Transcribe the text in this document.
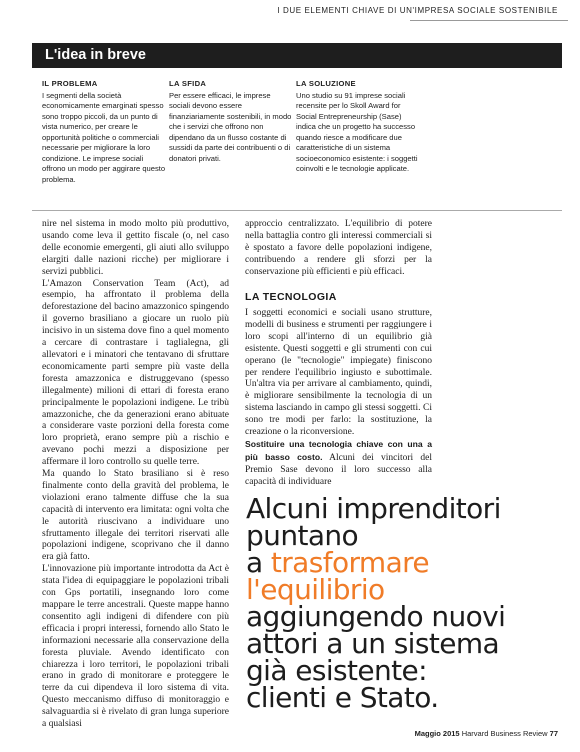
I DUE ELEMENTI CHIAVE DI UN'IMPRESA SOCIALE SOSTENIBILE
L'idea in breve
IL PROBLEMA

I segmenti della società economicamente emarginati spesso sono troppo piccoli, da un punto di vista numerico, per creare le opportunità politiche o commerciali necessarie per migliorare la loro condizione. Le imprese sociali offrono un modo per aggirare questo problema.

LA SFIDA

Per essere efficaci, le imprese sociali devono essere finanziariamente sostenibili, in modo che i servizi che offrono non dipendano da un flusso costante di sussidi da parte dei contribuenti o di donatori privati.

LA SOLUZIONE

Uno studio su 91 imprese sociali recensite per lo Skoll Award for Social Entrepreneurship (Sase) indica che un progetto ha successo quando riesce a modificare due caratteristiche di un sistema socioeconomico esistente: i soggetti coinvolti e le tecnologie applicate.

nire nel sistema in modo molto più produttivo, usando come leva il gettito fiscale (o, nel caso delle economie emergenti, gli aiuti allo sviluppo elargiti dalle nazioni ricche) per migliorare i servizi pubblici.

L'Amazon Conservation Team (Act), ad esempio, ha affrontato il problema della deforestazione del bacino amazzonico spingendo il governo brasiliano a giocare un ruolo più incisivo in un sistema dove fino a quel momento a cercare di contrastare i taglialegna, gli allevatori e i minatori che tentavano di sfruttare economicamente parti sempre più vaste della foresta amazzonica e distruggevano (spesso illegalmente) milioni di ettari di foresta erano principalmente le popolazioni indigene. Le tribù amazzoniche, che da generazioni erano abituate a considerare vaste porzioni della foresta come loro proprietà, erano sempre più a rischio e avevano pochi mezzi a disposizione per affermare il loro controllo su quelle terre.

Ma quando lo Stato brasiliano si è reso finalmente conto della gravità del problema, le violazioni erano talmente diffuse che la sua capacità di intervento era limitata: ogni volta che le autorità riuscivano a individuare uno sfruttamento illegale dei territori riservati alle popolazioni indigene, scoprivano che il danno era già fatto.

L'innovazione più importante introdotta da Act è stata l'idea di equipaggiare le popolazioni tribali con Gps portatili, insegnando loro come mappare le terre ancestrali. Queste mappe hanno consentito agli indigeni di difendere con più efficacia i propri interessi, fornendo allo Stato le informazioni necessarie alla conservazione della foresta pluviale. Avendo identificato con chiarezza i loro territori, le popolazioni tribali erano in grado di monitorare e proteggere le terre da cui dipendeva il loro sistema di vita. Questo meccanismo diffuso di monitoraggio e salvaguardia si è rivelato di gran lunga superiore a qualsiasi

approccio centralizzato. L'equilibrio di potere nella battaglia contro gli interessi commerciali si è spostato a favore delle popolazioni indigene, contribuendo a rendere gli sforzi per la conservazione più efficienti e più efficaci.

LA TECNOLOGIA

I soggetti economici e sociali usano strutture, modelli di business e strumenti per raggiungere i loro scopi all'interno di un equilibrio già esistente. Questi soggetti e gli strumenti con cui operano (le "tecnologie" impiegate) finiscono per rendere l'equilibrio ingiusto e subottimale. Un'altra via per arrivare al cambiamento, quindi, è migliorare sensibilmente la tecnologia di un sistema lasciando in campo gli stessi soggetti. Ci sono tre modi per farlo: la sostituzione, la creazione o la riconversione.

Sostituire una tecnologia chiave con una a più basso costo. Alcuni dei vincitori del Premio Sase devono il loro successo alla capacità di individuare

Alcuni imprenditori
puntano
a trasformare
l'equilibrio
aggiungendo nuovi
attori a un sistema
già esistente:
clienti e Stato.
Maggio 2015 Harvard Business Review 77
